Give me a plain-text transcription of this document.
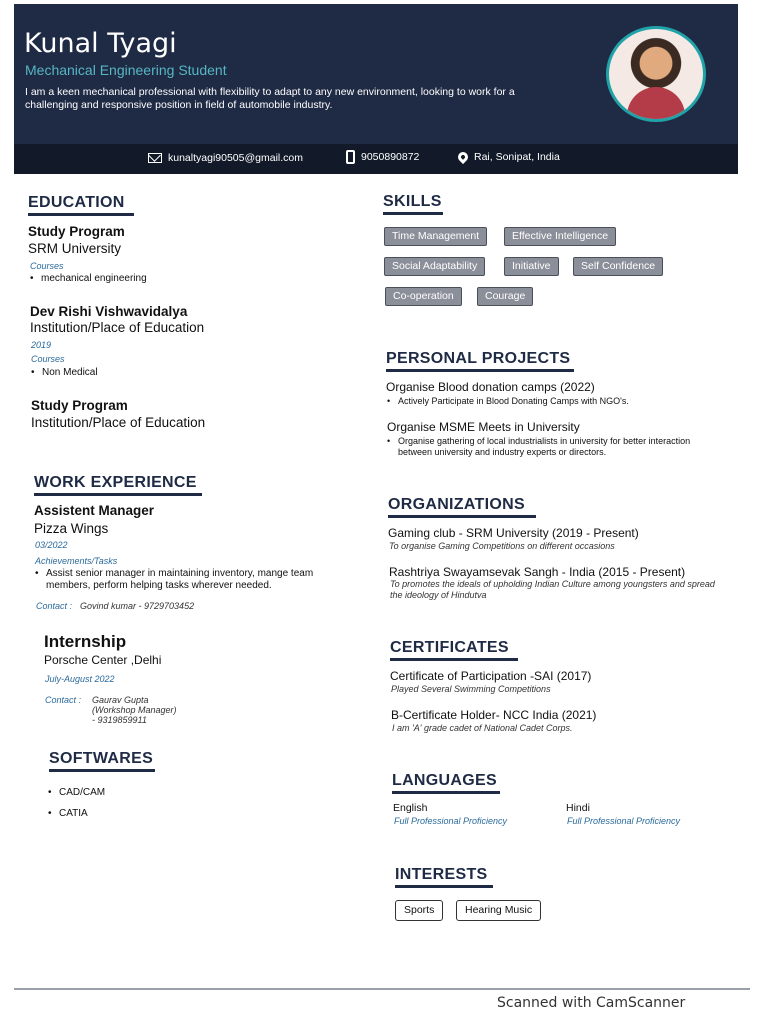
Kunal Tyagi
Mechanical Engineering Student
I am a keen mechanical professional with flexibility to adapt to any new environment, looking to work for a challenging and responsive position in field of automobile industry.
kunaltyagi90505@gmail.com	9050890872	Rai, Sonipat, India
EDUCATION
Study Program
SRM University
Courses
• mechanical engineering
Dev Rishi Vishwavidalya
Institution/Place of Education
2019
Courses
• Non Medical
Study Program
Institution/Place of Education
WORK EXPERIENCE
Assistent Manager
Pizza Wings
03/2022
Achievements/Tasks
• Assist senior manager in maintaining inventory, mange team members, perform helping tasks wherever needed.
Contact : Govind kumar - 9729703452
Internship
Porsche Center ,Delhi
July-August 2022
Contact : Gaurav Gupta
(Workshop Manager)
- 9319859911
SOFTWARES
• CAD/CAM
• CATIA
SKILLS
Time Management	Effective Intelligence
Social Adaptability	Initiative	Self Confidence
Co-operation	Courage
PERSONAL PROJECTS
Organise Blood donation camps (2022)
• Actively Participate in Blood Donating Camps with NGO's.
Organise MSME Meets in University
• Organise gathering of local industrialists in university for better interaction between university and industry experts or directors.
ORGANIZATIONS
Gaming club - SRM University (2019 - Present)
To organise Gaming Competitions on different occasions
Rashtriya Swayamsevak Sangh - India (2015 - Present)
To promotes the ideals of upholding Indian Culture among youngsters and spread the ideology of Hindutva
CERTIFICATES
Certificate of Participation -SAI (2017)
Played Several Swimming Competitions
B-Certificate Holder- NCC India (2021)
I am 'A' grade cadet of National Cadet Corps.
LANGUAGES
English
Full Professional Proficiency
Hindi
Full Professional Proficiency
INTERESTS
Sports	Hearing Music
Scanned with CamScanner
